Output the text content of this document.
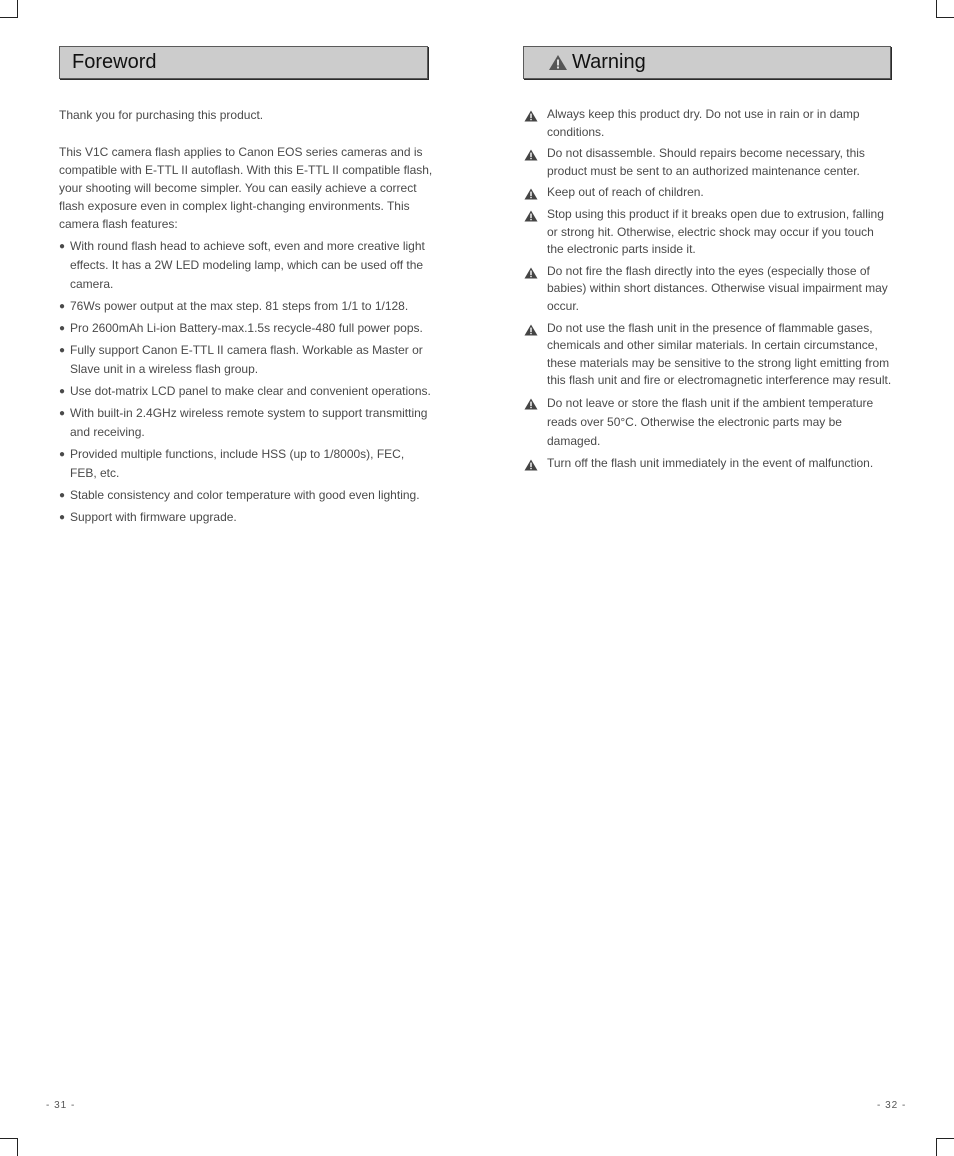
Foreword

Thank you for purchasing this product.

This V1C camera flash applies to Canon EOS series cameras and is compatible with E-TTL II autoflash. With this E-TTL II compatible flash, your shooting will become simpler. You can easily achieve a correct flash exposure even in complex light-changing environments. This camera flash features:

● With round flash head to achieve soft, even and more creative light effects. It has a 2W LED modeling lamp, which can be used off the camera.
● 76Ws power output at the max step. 81 steps from 1/1 to 1/128.
● Pro 2600mAh Li-ion Battery-max.1.5s recycle-480 full power pops.
● Fully support Canon E-TTL II camera flash. Workable as Master or Slave unit in a wireless flash group.
● Use dot-matrix LCD panel to make clear and convenient operations.
● With built-in 2.4GHz wireless remote system to support transmitting and receiving.
● Provided multiple functions, include HSS (up to 1/8000s), FEC, FEB, etc.
● Stable consistency and color temperature with good even lighting.
● Support with firmware upgrade.
Warning
Always keep this product dry. Do not use in rain or in damp conditions.
Do not disassemble. Should repairs become necessary, this product must be sent to an authorized maintenance center.
Keep out of reach of children.
Stop using this product if it breaks open due to extrusion, falling or strong hit. Otherwise, electric shock may occur if you touch the electronic parts inside it.
Do not fire the flash directly into the eyes (especially those of babies) within short distances. Otherwise visual impairment may occur.
Do not use the flash unit in the presence of flammable gases, chemicals and other similar materials. In certain circumstance, these materials may be sensitive to the strong light emitting from this flash unit and fire or electromagnetic interference may result.
Do not leave or store the flash unit if the ambient temperature reads over 50°C. Otherwise the electronic parts may be damaged.
Turn off the flash unit immediately in the event of malfunction.
- 31 -	- 32 -
